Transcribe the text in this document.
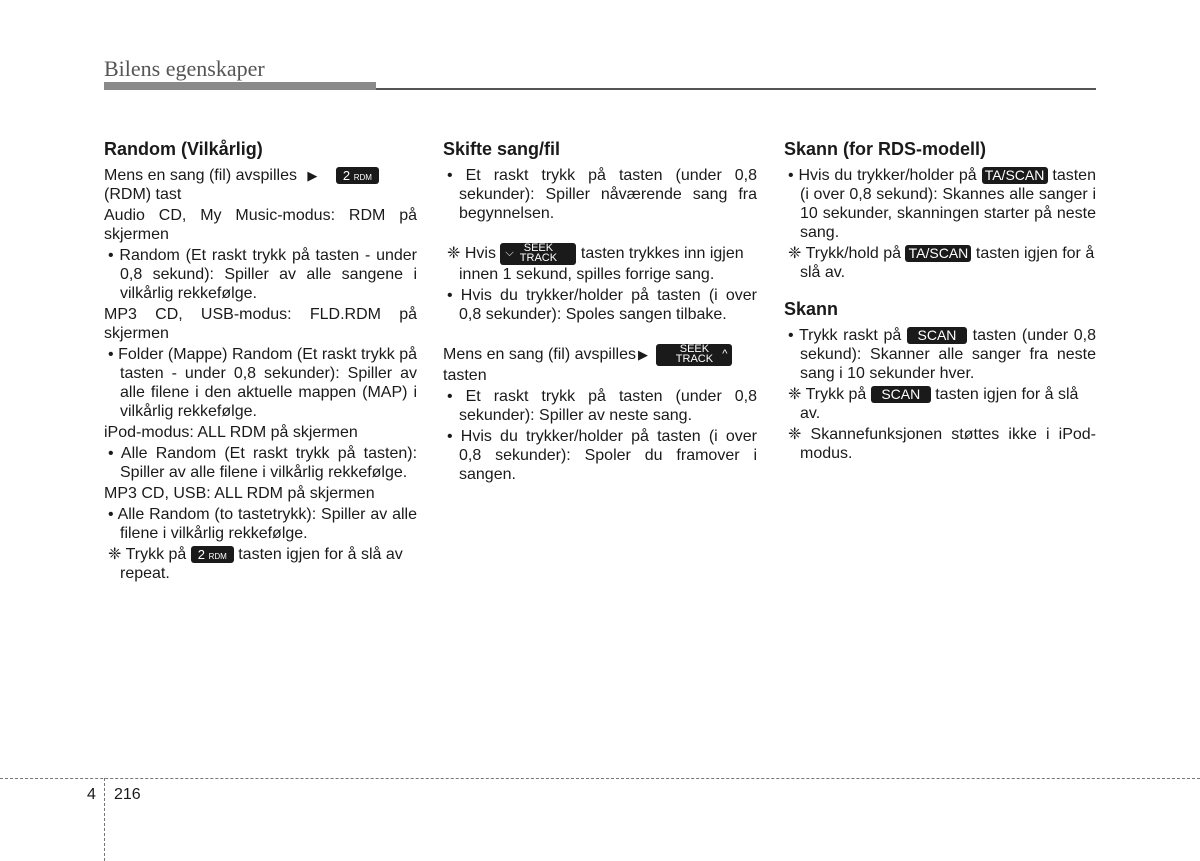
Bilens egenskaper
Random (Vilkårlig)

Mens en sang (fil) avspilles ▶ 2 RDM
(RDM) tast

Audio CD, My Music-modus: RDM på skjermen

• Random (Et raskt trykk på tasten - under 0,8 sekund): Spiller av alle sangene i vilkårlig rekkefølge.

MP3 CD, USB-modus: FLD.RDM på skjermen

• Folder (Mappe) Random (Et raskt trykk på tasten - under 0,8 sekunder): Spiller av alle filene i den aktuelle mappen (MAP) i vilkårlig rekkefølge.

iPod-modus: ALL RDM på skjermen

• Alle Random (Et raskt trykk på tasten): Spiller av alle filene i vilkårlig rekkefølge.

MP3 CD, USB: ALL RDM på skjermen

• Alle Random (to tastetrykk): Spiller av alle filene i vilkårlig rekkefølge.

❈ Trykk på 2 RDM tasten igjen for å slå av repeat.

Skifte sang/fil

• Et raskt trykk på tasten (under 0,8 sekunder): Spiller nåværende sang fra begynnelsen.

❈ Hvis ⌵ SEEK
TRACK	tasten trykkes inn igjen innen 1 sekund, spilles forrige sang.

• Hvis du trykker/holder på tasten (i over 0,8 sekunder): Spoles sangen tilbake.

Mens en sang (fil) avspilles ▶	SEEK
TRACK ^

tasten

• Et raskt trykk på tasten (under 0,8 sekunder): Spiller av neste sang.

• Hvis du trykker/holder på tasten (i over 0,8 sekunder): Spoler du framover i sangen.

Skann (for RDS-modell)

• Hvis du trykker/holder på TA/SCAN tasten (i over 0,8 sekund): Skannes alle sanger i 10 sekunder, skanningen starter på neste sang.

❈ Trykk/hold på TA/SCAN tasten igjen for å slå av.

Skann

• Trykk raskt på SCAN tasten (under 0,8 sekund): Skanner alle sanger fra neste sang i 10 sekunder hver.

❈ Trykk på SCAN tasten igjen for å slå av.

❈ Skannefunksjonen støttes ikke i iPod-modus.

4 216
